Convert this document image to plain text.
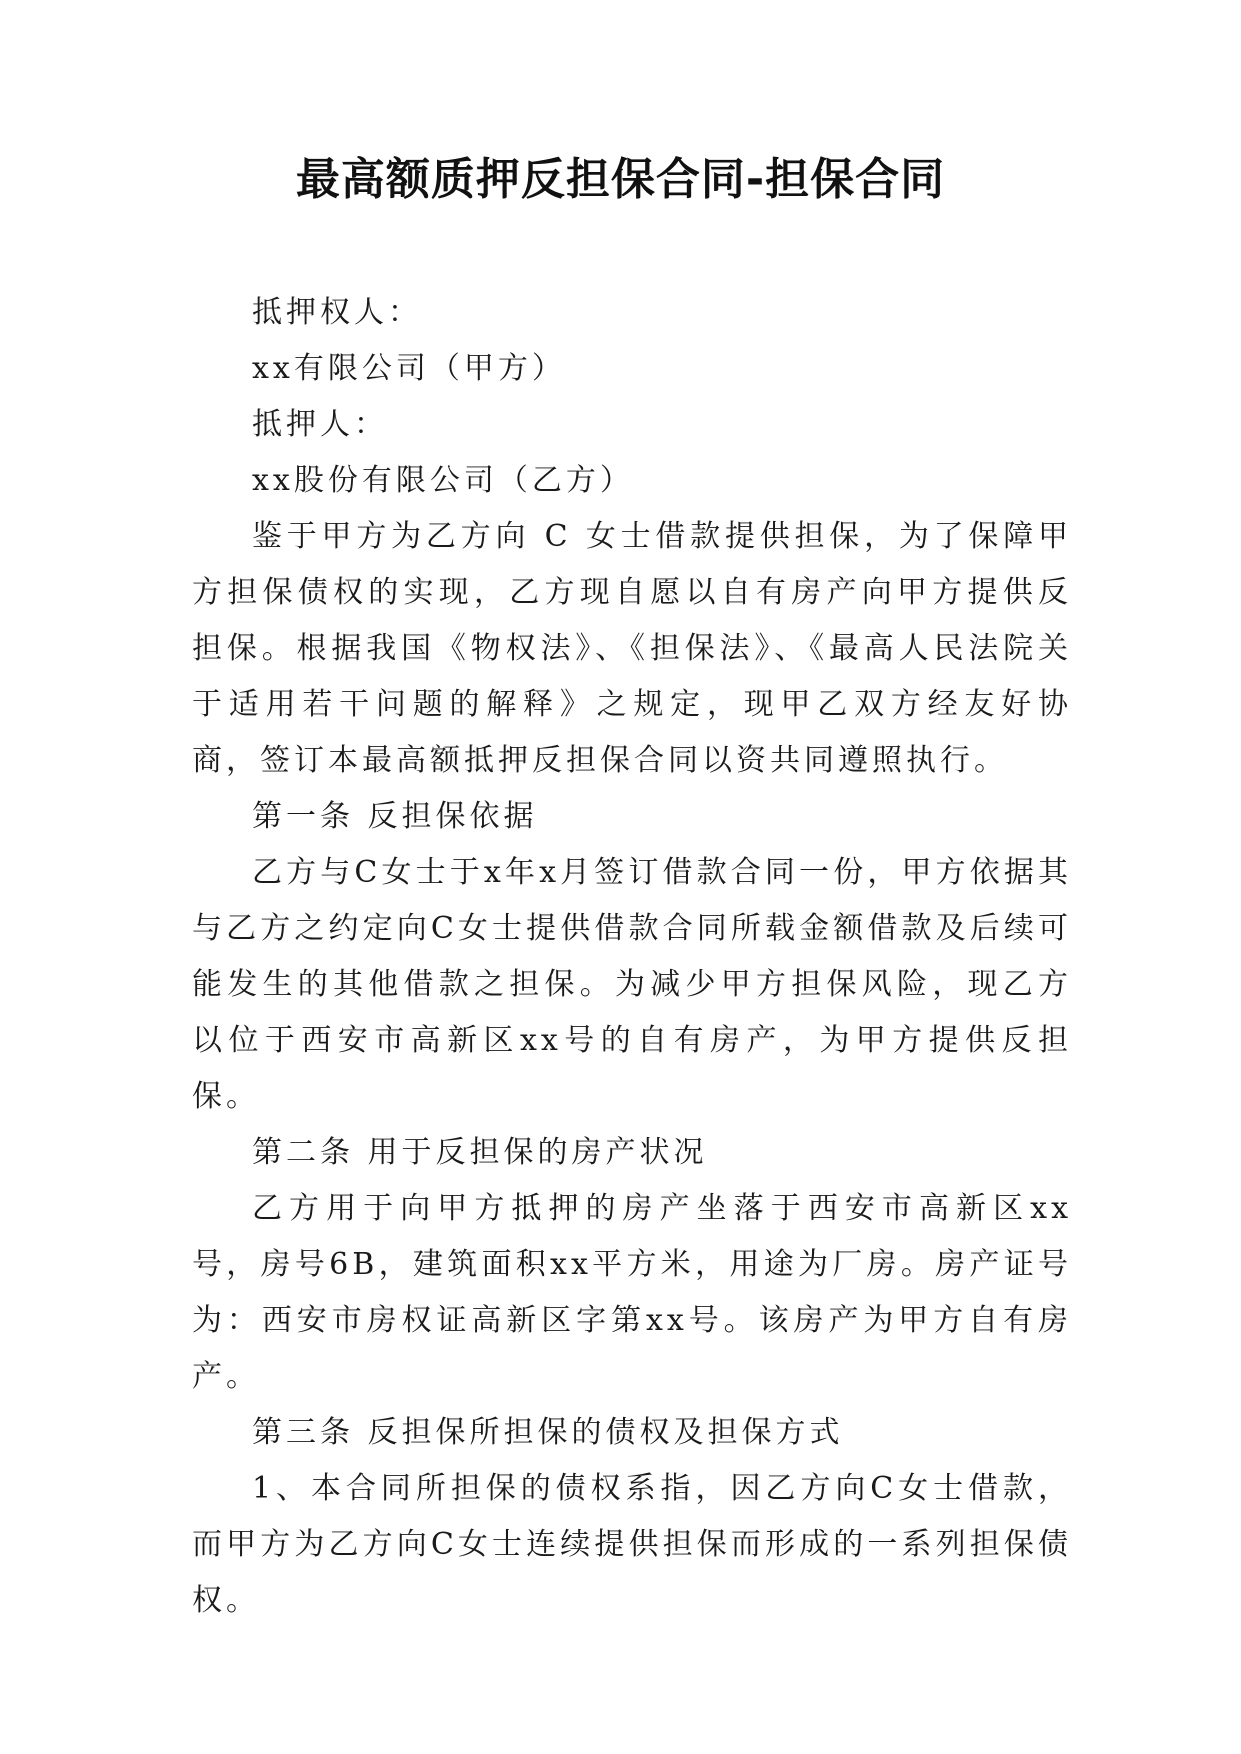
最高额质押反担保合同-担保合同

抵押权人：

xx有限公司（甲方）

抵押人：

xx股份有限公司（乙方）

鉴于甲方为乙方向 C 女士借款提供担保，为了保障甲方担保债权的实现，乙方现自愿以自有房产向甲方提供反担保。根据我国《物权法》、《担保法》、《最高人民法院关于适用若干问题的解释》之规定，现甲乙双方经友好协商，签订本最高额抵押反担保合同以资共同遵照执行。

第一条 反担保依据

乙方与C女士于x年x月签订借款合同一份，甲方依据其与乙方之约定向C女士提供借款合同所载金额借款及后续可能发生的其他借款之担保。为减少甲方担保风险，现乙方以位于西安市高新区xx号的自有房产，为甲方提供反担保。

第二条 用于反担保的房产状况

乙方用于向甲方抵押的房产坐落于西安市高新区xx号，房号6B，建筑面积xx平方米，用途为厂房。房产证号为：西安市房权证高新区字第xx号。该房产为甲方自有房产。

第三条 反担保所担保的债权及担保方式

1、本合同所担保的债权系指，因乙方向C女士借款，而甲方为乙方向C女士连续提供担保而形成的一系列担保债权。
